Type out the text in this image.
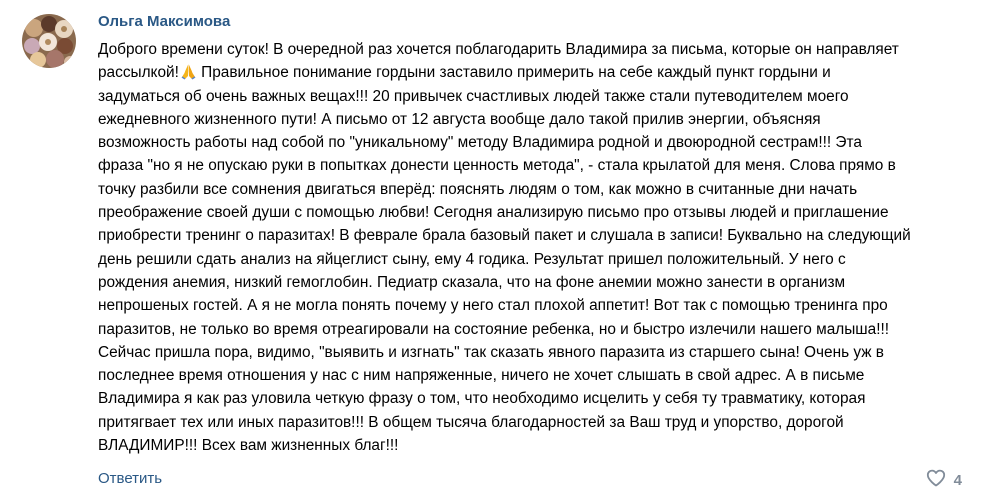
Ольга Максимова
Доброго времени суток! В очередной раз хочется поблагодарить Владимира за письма, которые он направляет
рассылкой! Правильное понимание гордыни заставило примерить на себе каждый пункт гордыни и
задуматься об очень важных вещах!!! 20 привычек счастливых людей также стали путеводителем моего
ежедневного жизненного пути! А письмо от 12 августа вообще дало такой прилив энергии, объясняя
возможность работы над собой по "уникальному" методу Владимира родной и двоюродной сестрам!!! Эта
фраза "но я не опускаю руки в попытках донести ценность метода", - стала крылатой для меня. Слова прямо в
точку разбили все сомнения двигаться вперёд: пояснять людям о том, как можно в считанные дни начать
преображение своей души с помощью любви! Сегодня анализирую письмо про отзывы людей и приглашение
приобрести тренинг о паразитах! В феврале брала базовый пакет и слушала в записи! Буквально на следующий
день решили сдать анализ на яйцеглист сыну, ему 4 годика. Результат пришел положительный. У него с
рождения анемия, низкий гемоглобин. Педиатр сказала, что на фоне анемии можно занести в организм
непрошеных гостей. А я не могла понять почему у него стал плохой аппетит! Вот так с помощью тренинга про
паразитов, не только во время отреагировали на состояние ребенка, но и быстро излечили нашего малыша!!!
Сейчас пришла пора, видимо, "выявить и изгнать" так сказать явного паразита из старшего сына! Очень уж в
последнее время отношения у нас с ним напряженные, ничего не хочет слышать в свой адрес. А в письме
Владимира я как раз уловила четкую фразу о том, что необходимо исцелить у себя ту травматику, которая
притягвает тех или иных паразитов!!! В общем тысяча благодарностей за Ваш труд и упорство, дорогой
ВЛАДИМИР!!! Всех вам жизненных благ!!!
Ответить	4
